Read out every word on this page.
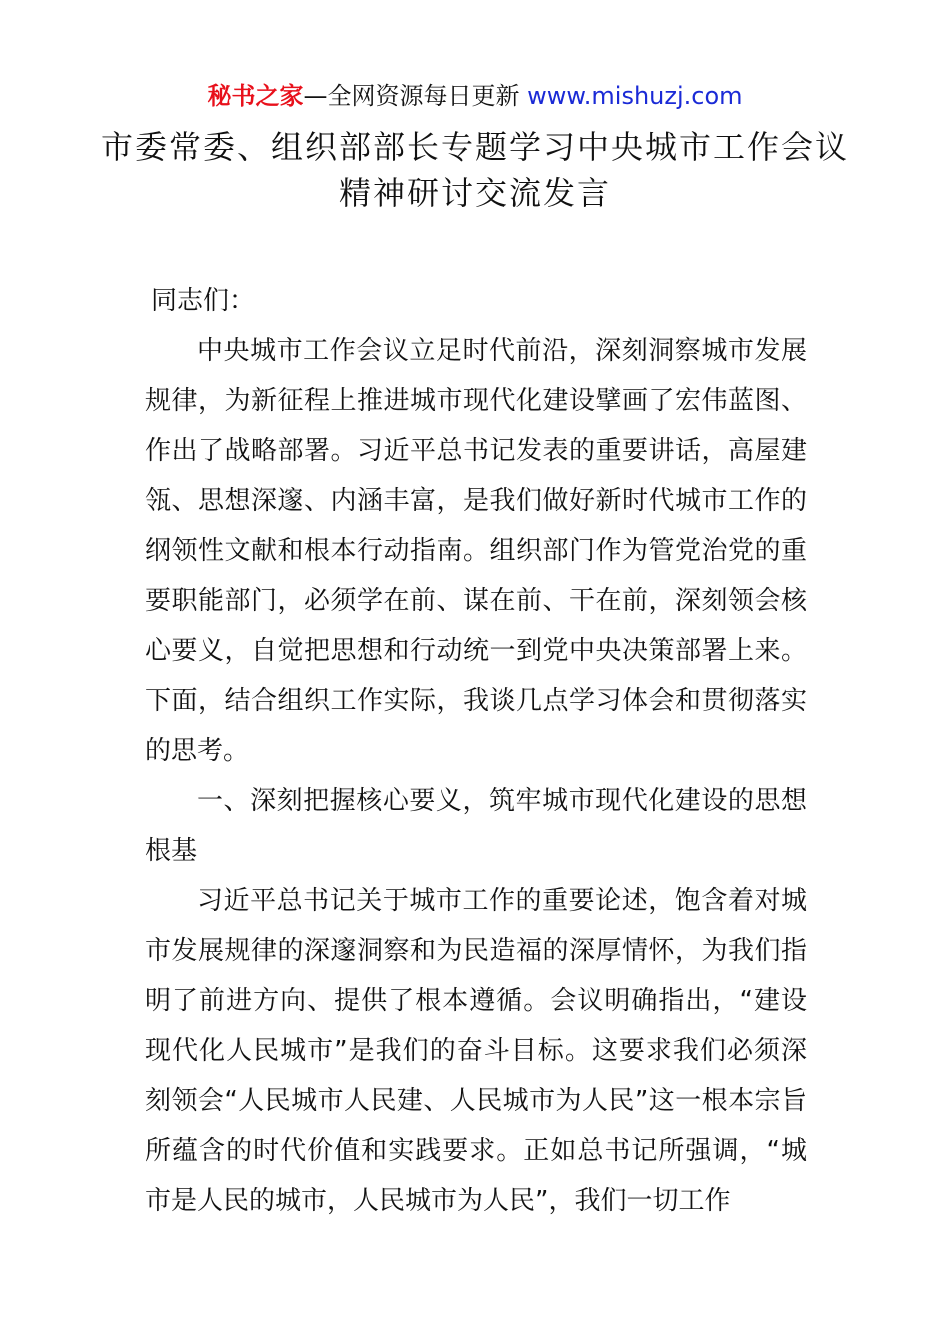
秘书之家—全网资源每日更新 www.mishuzj.com
市委常委、组织部部长专题学习中央城市工作会议精神研讨交流发言

同志们：

中央城市工作会议立足时代前沿，深刻洞察城市发展规律，为新征程上推进城市现代化建设擘画了宏伟蓝图、作出了战略部署。习近平总书记发表的重要讲话，高屋建瓴、思想深邃、内涵丰富，是我们做好新时代城市工作的纲领性文献和根本行动指南。组织部门作为管党治党的重要职能部门，必须学在前、谋在前、干在前，深刻领会核心要义，自觉把思想和行动统一到党中央决策部署上来。下面，结合组织工作实际，我谈几点学习体会和贯彻落实的思考。

一、深刻把握核心要义，筑牢城市现代化建设的思想根基

习近平总书记关于城市工作的重要论述，饱含着对城市发展规律的深邃洞察和为民造福的深厚情怀，为我们指明了前进方向、提供了根本遵循。会议明确指出，“建设现代化人民城市”是我们的奋斗目标。这要求我们必须深刻领会“人民城市人民建、人民城市为人民”这一根本宗旨所蕴含的时代价值和实践要求。正如总书记所强调，“城市是人民的城市，人民城市为人民”，我们一切工作
